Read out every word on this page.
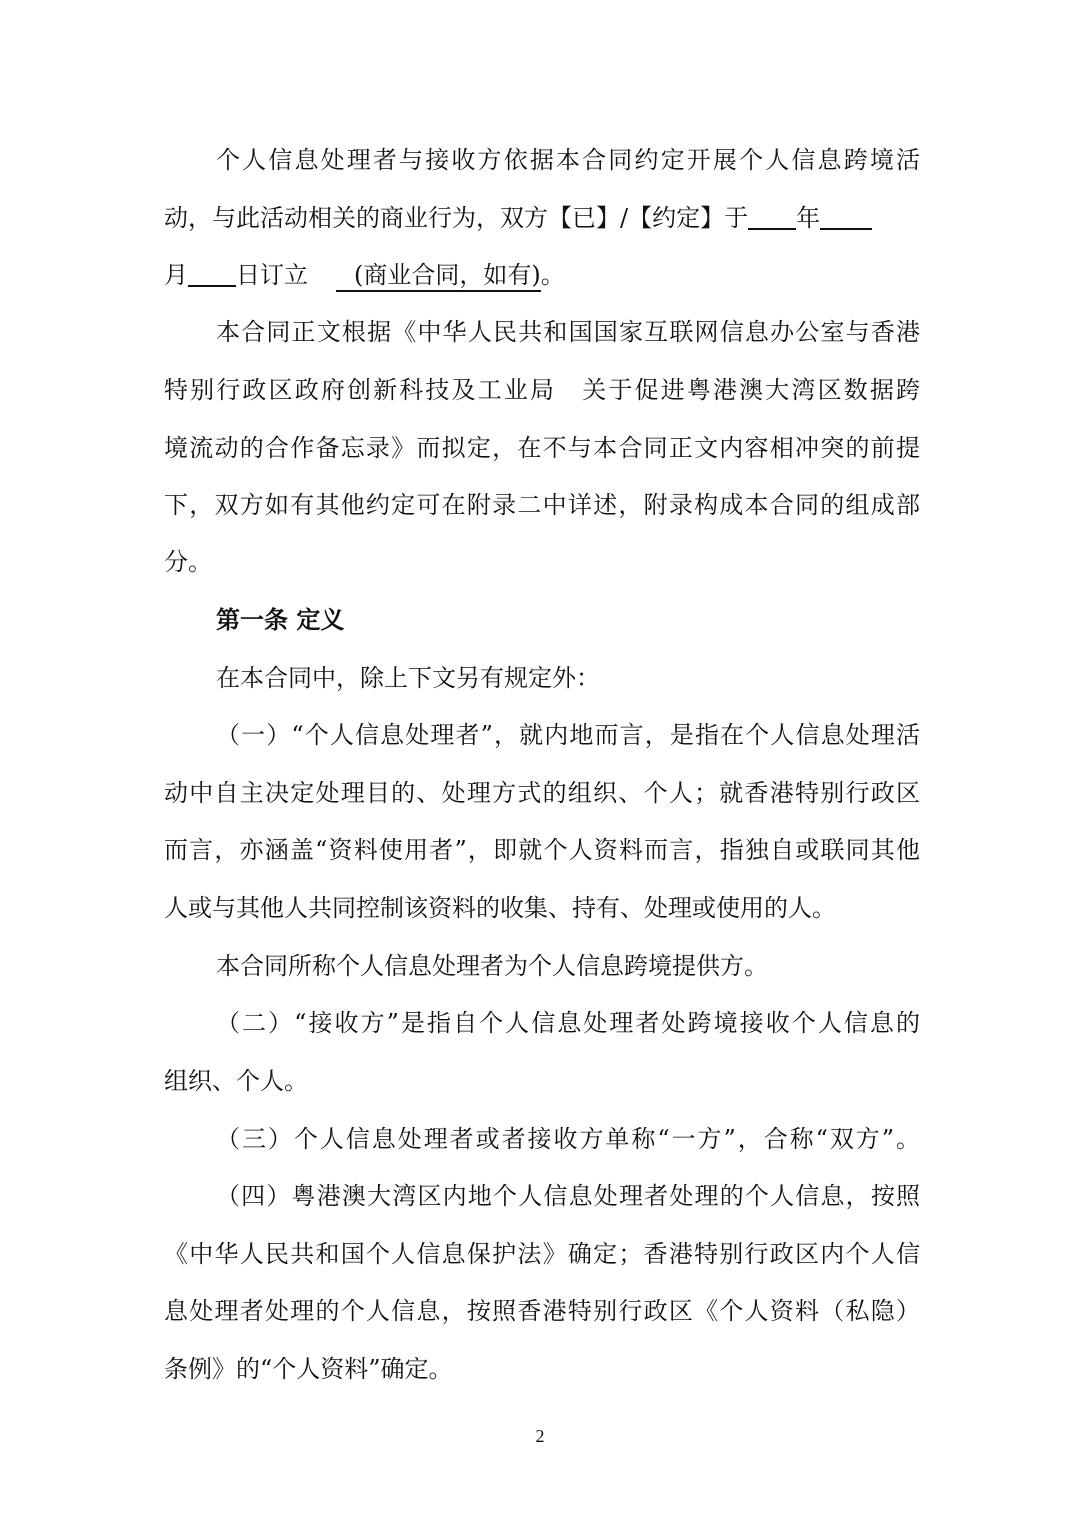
个人信息处理者与接收方依据本合同约定开展个人信息跨境活
动，与此活动相关的商业行为，双方【已】/【约定】于 年
月 日订立 (商业合同，如有)。
本合同正文根据《中华人民共和国国家互联网信息办公室与香港
特别行政区政府创新科技及工业局　关于促进粤港澳大湾区数据跨
境流动的合作备忘录》而拟定，在不与本合同正文内容相冲突的前提
下，双方如有其他约定可在附录二中详述，附录构成本合同的组成部
分。
第一条 定义
在本合同中，除上下文另有规定外：
（一）“个人信息处理者”，就内地而言，是指在个人信息处理活
动中自主决定处理目的、处理方式的组织、个人；就香港特别行政区
而言，亦涵盖“资料使用者”，即就个人资料而言，指独自或联同其他
人或与其他人共同控制该资料的收集、持有、处理或使用的人。
本合同所称个人信息处理者为个人信息跨境提供方。
（二）“接收方”是指自个人信息处理者处跨境接收个人信息的
组织、个人。
（三）个人信息处理者或者接收方单称“一方”，合称“双方”。
（四）粤港澳大湾区内地个人信息处理者处理的个人信息，按照
《中华人民共和国个人信息保护法》确定；香港特别行政区内个人信
息处理者处理的个人信息，按照香港特别行政区《个人资料（私隐）
条例》的“个人资料”确定。
2
